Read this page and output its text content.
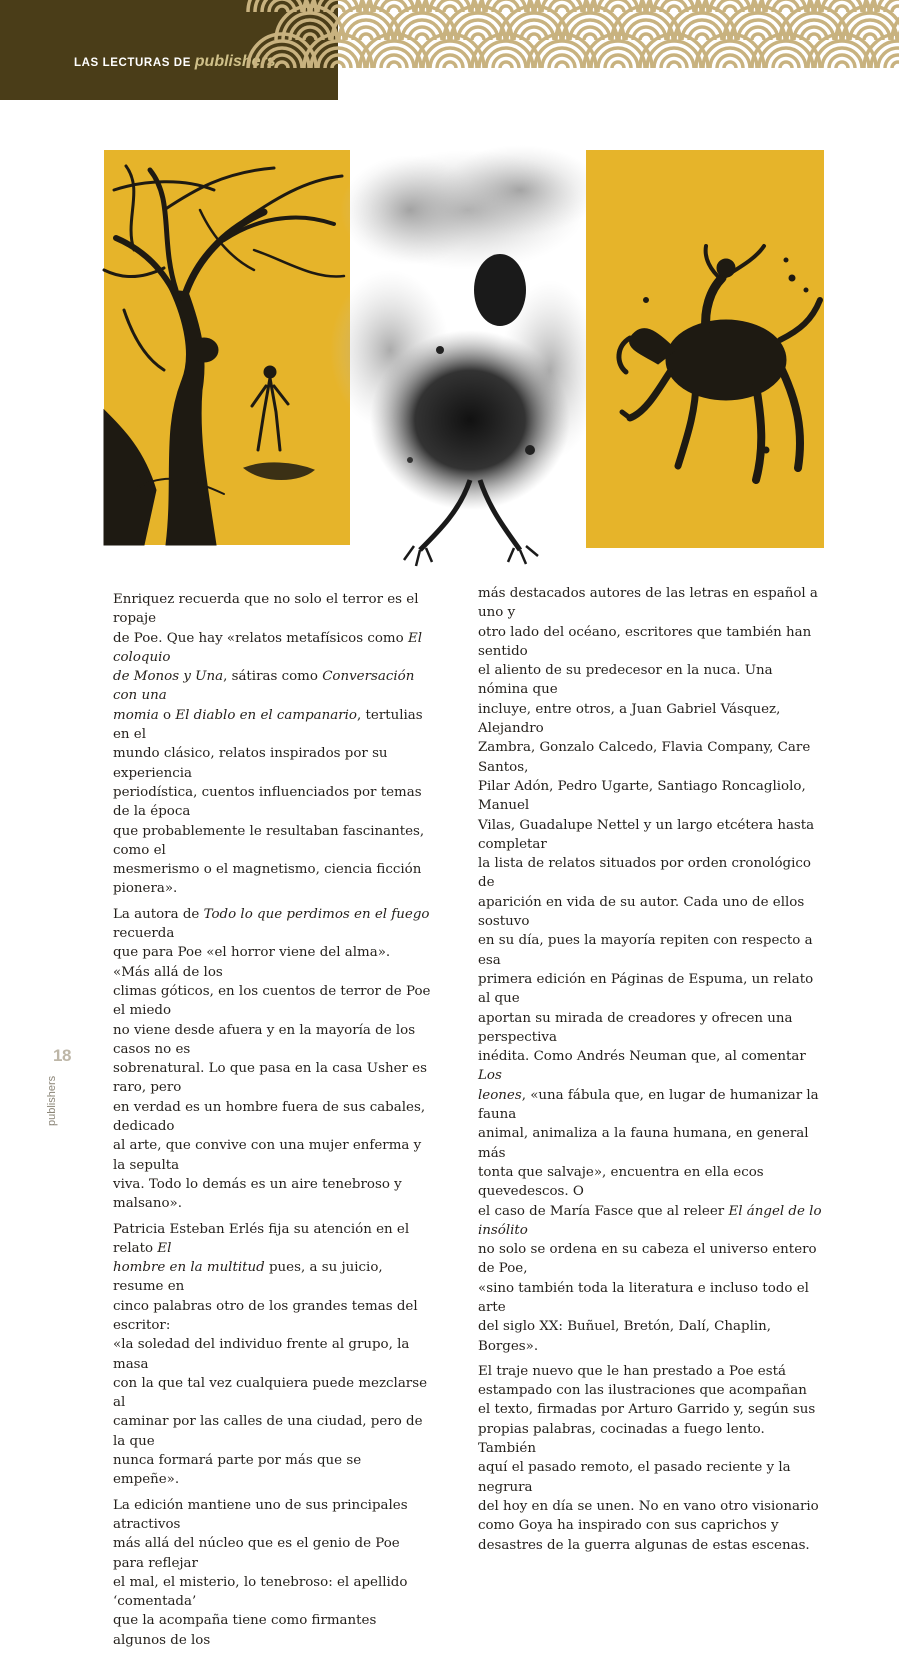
LAS LECTURAS DE publishers

Enriquez recuerda que no solo el terror es el ropaje
de Poe. Que hay «relatos metafísicos como El coloquio
de Monos y Una, sátiras como Conversación con una
momia o El diablo en el campanario, tertulias en el
mundo clásico, relatos inspirados por su experiencia
periodística, cuentos influenciados por temas de la época
que probablemente le resultaban fascinantes, como el
mesmerismo o el magnetismo, ciencia ficción pionera».

La autora de Todo lo que perdimos en el fuego recuerda
que para Poe «el horror viene del alma». «Más allá de los
climas góticos, en los cuentos de terror de Poe el miedo
no viene desde afuera y en la mayoría de los casos no es
sobrenatural. Lo que pasa en la casa Usher es raro, pero
en verdad es un hombre fuera de sus cabales, dedicado
al arte, que convive con una mujer enferma y la sepulta
viva. Todo lo demás es un aire tenebroso y malsano».

Patricia Esteban Erlés fija su atención en el relato El
hombre en la multitud pues, a su juicio, resume en
cinco palabras otro de los grandes temas del escritor:
«la soledad del individuo frente al grupo, la masa
con la que tal vez cualquiera puede mezclarse al
caminar por las calles de una ciudad, pero de la que
nunca formará parte por más que se empeñe».

La edición mantiene uno de sus principales atractivos
más allá del núcleo que es el genio de Poe para reflejar
el mal, el misterio, lo tenebroso: el apellido ‘comentada’
que la acompaña tiene como firmantes algunos de los

más destacados autores de las letras en español a uno y
otro lado del océano, escritores que también han sentido
el aliento de su predecesor en la nuca. Una nómina que
incluye, entre otros, a Juan Gabriel Vásquez, Alejandro
Zambra, Gonzalo Calcedo, Flavia Company, Care Santos,
Pilar Adón, Pedro Ugarte, Santiago Roncagliolo, Manuel
Vilas, Guadalupe Nettel y un largo etcétera hasta completar
la lista de relatos situados por orden cronológico de
aparición en vida de su autor. Cada uno de ellos sostuvo
en su día, pues la mayoría repiten con respecto a esa
primera edición en Páginas de Espuma, un relato al que
aportan su mirada de creadores y ofrecen una perspectiva
inédita. Como Andrés Neuman que, al comentar Los
leones, «una fábula que, en lugar de humanizar la fauna
animal, animaliza a la fauna humana, en general más
tonta que salvaje», encuentra en ella ecos quevedescos. O
el caso de María Fasce que al releer El ángel de lo insólito
no solo se ordena en su cabeza el universo entero de Poe,
«sino también toda la literatura e incluso todo el arte
del siglo XX: Buñuel, Bretón, Dalí, Chaplin, Borges».

El traje nuevo que le han prestado a Poe está
estampado con las ilustraciones que acompañan
el texto, firmadas por Arturo Garrido y, según sus
propias palabras, cocinadas a fuego lento. También
aquí el pasado remoto, el pasado reciente y la negrura
del hoy en día se unen. No en vano otro visionario
como Goya ha inspirado con sus caprichos y
desastres de la guerra algunas de estas escenas.

18
publishers
